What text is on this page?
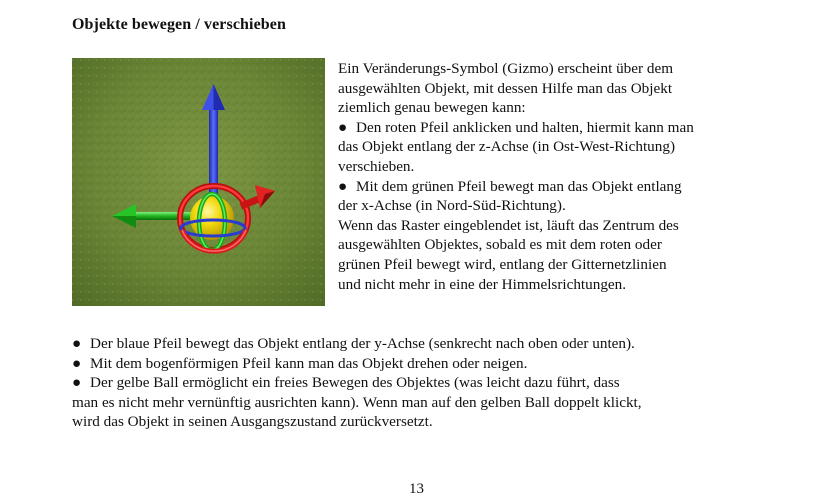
Objekte bewegen / verschieben
Ein Veränderungs-Symbol (Gizmo) erscheint über dem
ausgewählten Objekt, mit dessen Hilfe man das Objekt
ziemlich genau bewegen kann:
● Den roten Pfeil anklicken und halten, hiermit kann man
das Objekt entlang der z-Achse (in Ost-West-Richtung)
verschieben.
● Mit dem grünen Pfeil bewegt man das Objekt entlang
der x-Achse (in Nord-Süd-Richtung).
Wenn das Raster eingeblendet ist, läuft das Zentrum des
ausgewählten Objektes, sobald es mit dem roten oder
grünen Pfeil bewegt wird, entlang der Gitternetzlinien
und nicht mehr in eine der Himmelsrichtungen.
● Der blaue Pfeil bewegt das Objekt entlang der y-Achse (senkrecht nach oben oder unten).
● Mit dem bogenförmigen Pfeil kann man das Objekt drehen oder neigen.
● Der gelbe Ball ermöglicht ein freies Bewegen des Objektes (was leicht dazu führt, dass
man es nicht mehr vernünftig ausrichten kann). Wenn man auf den gelben Ball doppelt klickt,
wird das Objekt in seinen Ausgangszustand zurückversetzt.
13
